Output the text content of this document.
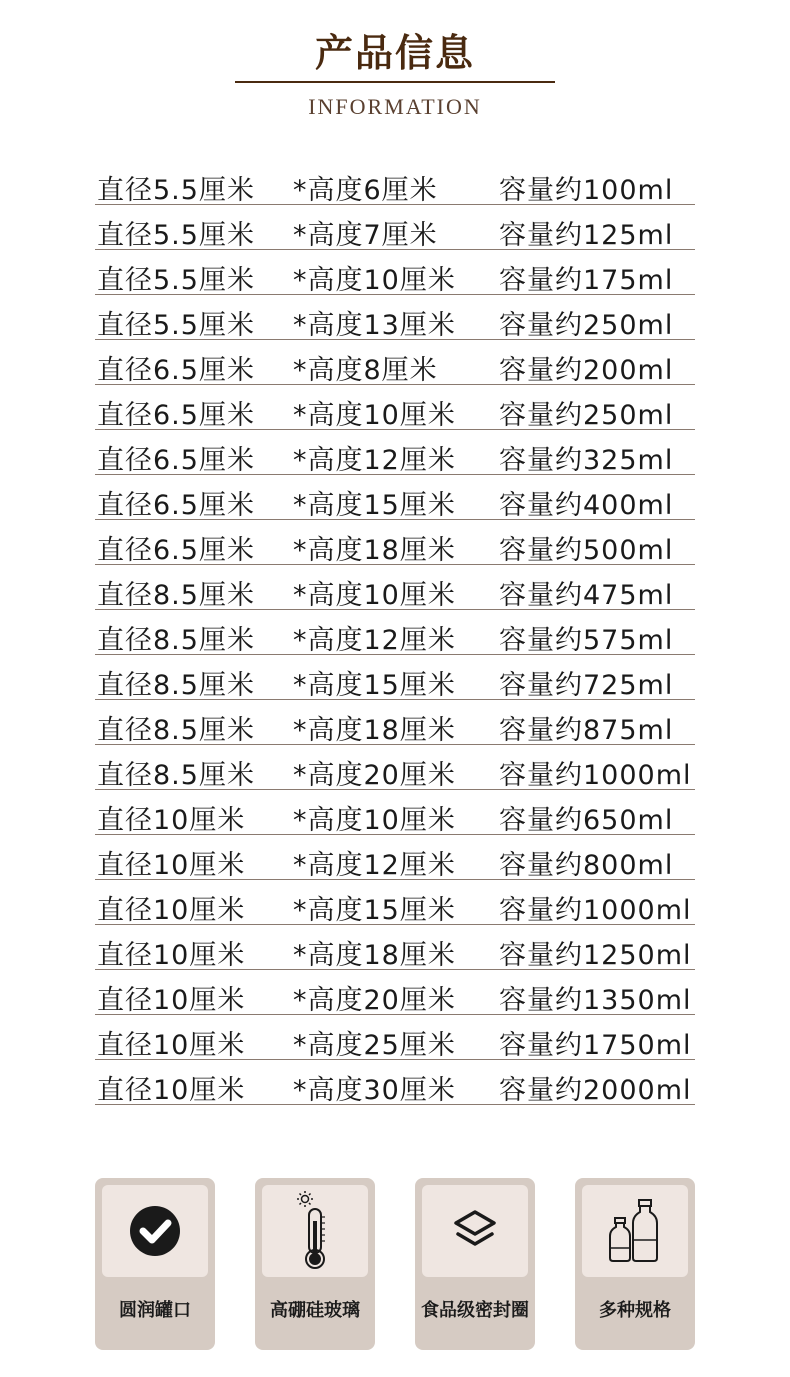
产品信息
INFORMATION
直径5.5厘米 *高度6厘米 容量约100ml
直径5.5厘米 *高度7厘米 容量约125ml
直径5.5厘米 *高度10厘米 容量约175ml
直径5.5厘米 *高度13厘米 容量约250ml
直径6.5厘米 *高度8厘米 容量约200ml
直径6.5厘米 *高度10厘米 容量约250ml
直径6.5厘米 *高度12厘米 容量约325ml
直径6.5厘米 *高度15厘米 容量约400ml
直径6.5厘米 *高度18厘米 容量约500ml
直径8.5厘米 *高度10厘米 容量约475ml
直径8.5厘米 *高度12厘米 容量约575ml
直径8.5厘米 *高度15厘米 容量约725ml
直径8.5厘米 *高度18厘米 容量约875ml
直径8.5厘米 *高度20厘米 容量约1000ml
直径10厘米 *高度10厘米 容量约650ml
直径10厘米 *高度12厘米 容量约800ml
直径10厘米 *高度15厘米 容量约1000ml
直径10厘米 *高度18厘米 容量约1250ml
直径10厘米 *高度20厘米 容量约1350ml
直径10厘米 *高度25厘米 容量约1750ml
直径10厘米 *高度30厘米 容量约2000ml
圆润罐口	高硼硅玻璃	食品级密封圈	多种规格
